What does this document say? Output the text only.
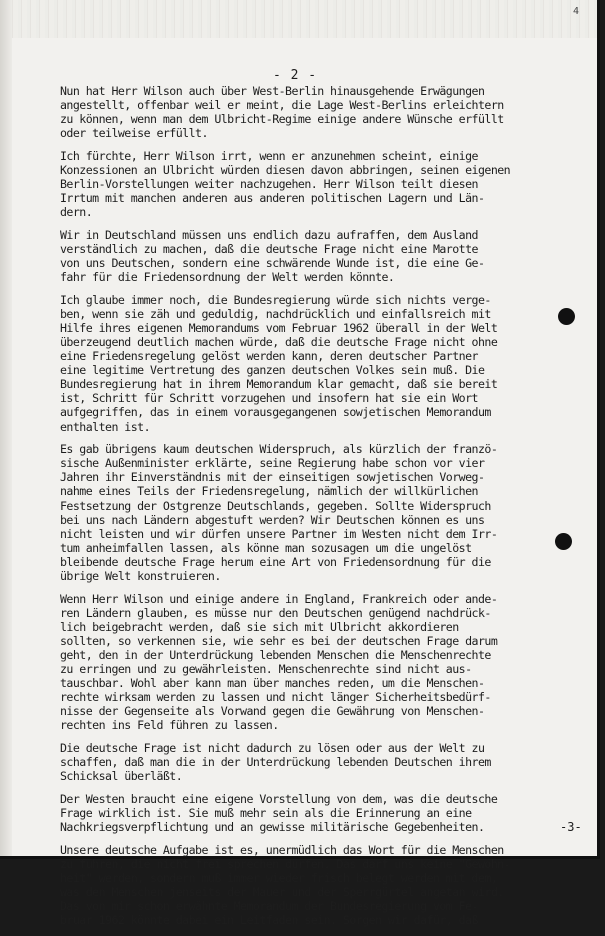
4
- 2 -
Nun hat Herr Wilson auch über West-Berlin hinausgehende Erwägungen
angestellt, offenbar weil er meint, die Lage West-Berlins erleichtern
zu können, wenn man dem Ulbricht-Regime einige andere Wünsche erfüllt
oder teilweise erfüllt.
Ich fürchte, Herr Wilson irrt, wenn er anzunehmen scheint, einige
Konzessionen an Ulbricht würden diesen davon abbringen, seinen eigenen
Berlin-Vorstellungen weiter nachzugehen. Herr Wilson teilt diesen
Irrtum mit manchen anderen aus anderen politischen Lagern und Län-
dern.
Wir in Deutschland müssen uns endlich dazu aufraffen, dem Ausland
verständlich zu machen, daß die deutsche Frage nicht eine Marotte
von uns Deutschen, sondern eine schwärende Wunde ist, die eine Ge-
fahr für die Friedensordnung der Welt werden könnte.
Ich glaube immer noch, die Bundesregierung würde sich nichts verge-
ben, wenn sie zäh und geduldig, nachdrücklich und einfallsreich mit
Hilfe ihres eigenen Memorandums vom Februar 1962 überall in der Welt
überzeugend deutlich machen würde, daß die deutsche Frage nicht ohne
eine Friedensregelung gelöst werden kann, deren deutscher Partner
eine legitime Vertretung des ganzen deutschen Volkes sein muß. Die
Bundesregierung hat in ihrem Memorandum klar gemacht, daß sie bereit
ist, Schritt für Schritt vorzugehen und insofern hat sie ein Wort
aufgegriffen, das in einem vorausgegangenen sowjetischen Memorandum
enthalten ist.
Es gab übrigens kaum deutschen Widerspruch, als kürzlich der franzö-
sische Außenminister erklärte, seine Regierung habe schon vor vier
Jahren ihr Einverständnis mit der einseitigen sowjetischen Vorweg-
nahme eines Teils der Friedensregelung, nämlich der willkürlichen
Festsetzung der Ostgrenze Deutschlands, gegeben. Sollte Widerspruch
bei uns nach Ländern abgestuft werden? Wir Deutschen können es uns
nicht leisten und wir dürfen unsere Partner im Westen nicht dem Irr-
tum anheimfallen lassen, als könne man sozusagen um die ungelöst
bleibende deutsche Frage herum eine Art von Friedensordnung für die
übrige Welt konstruieren.
Wenn Herr Wilson und einige andere in England, Frankreich oder ande-
ren Ländern glauben, es müsse nur den Deutschen genügend nachdrück-
lich beigebracht werden, daß sie sich mit Ulbricht akkordieren
sollten, so verkennen sie, wie sehr es bei der deutschen Frage darum
geht, den in der Unterdrückung lebenden Menschen die Menschenrechte
zu erringen und zu gewährleisten. Menschenrechte sind nicht aus-
tauschbar. Wohl aber kann man über manches reden, um die Menschen-
rechte wirksam werden zu lassen und nicht länger Sicherheitsbedürf-
nisse der Gegenseite als Vorwand gegen die Gewährung von Menschen-
rechten ins Feld führen zu lassen.
Die deutsche Frage ist nicht dadurch zu lösen oder aus der Welt zu
schaffen, daß man die in der Unterdrückung lebenden Deutschen ihrem
Schicksal überläßt.
Der Westen braucht eine eigene Vorstellung von dem, was die deutsche
Frage wirklich ist. Sie muß mehr sein als die Erinnerung an eine
Nachkriegsverpflichtung und an gewisse militärische Gegebenheiten.
Unsere deutsche Aufgabe ist es, unermüdlich das Wort für die Menschen
zu führen, die nicht frei sprechen dürfen. Das darf uns keine "Gewohn-
heit" werden, sondern muß immer wieder frisch belegt werden mit dem,
was den Menschen jenseits der Mauer und der Sperrgürtel angetan wird.
Das von mir schon erwähnte Memorandum der Bundesregierung vom Fe-
bruar 1962 könnte dabei ein Leitfaden sein. Sorgen wir dafür, daß
-3-
